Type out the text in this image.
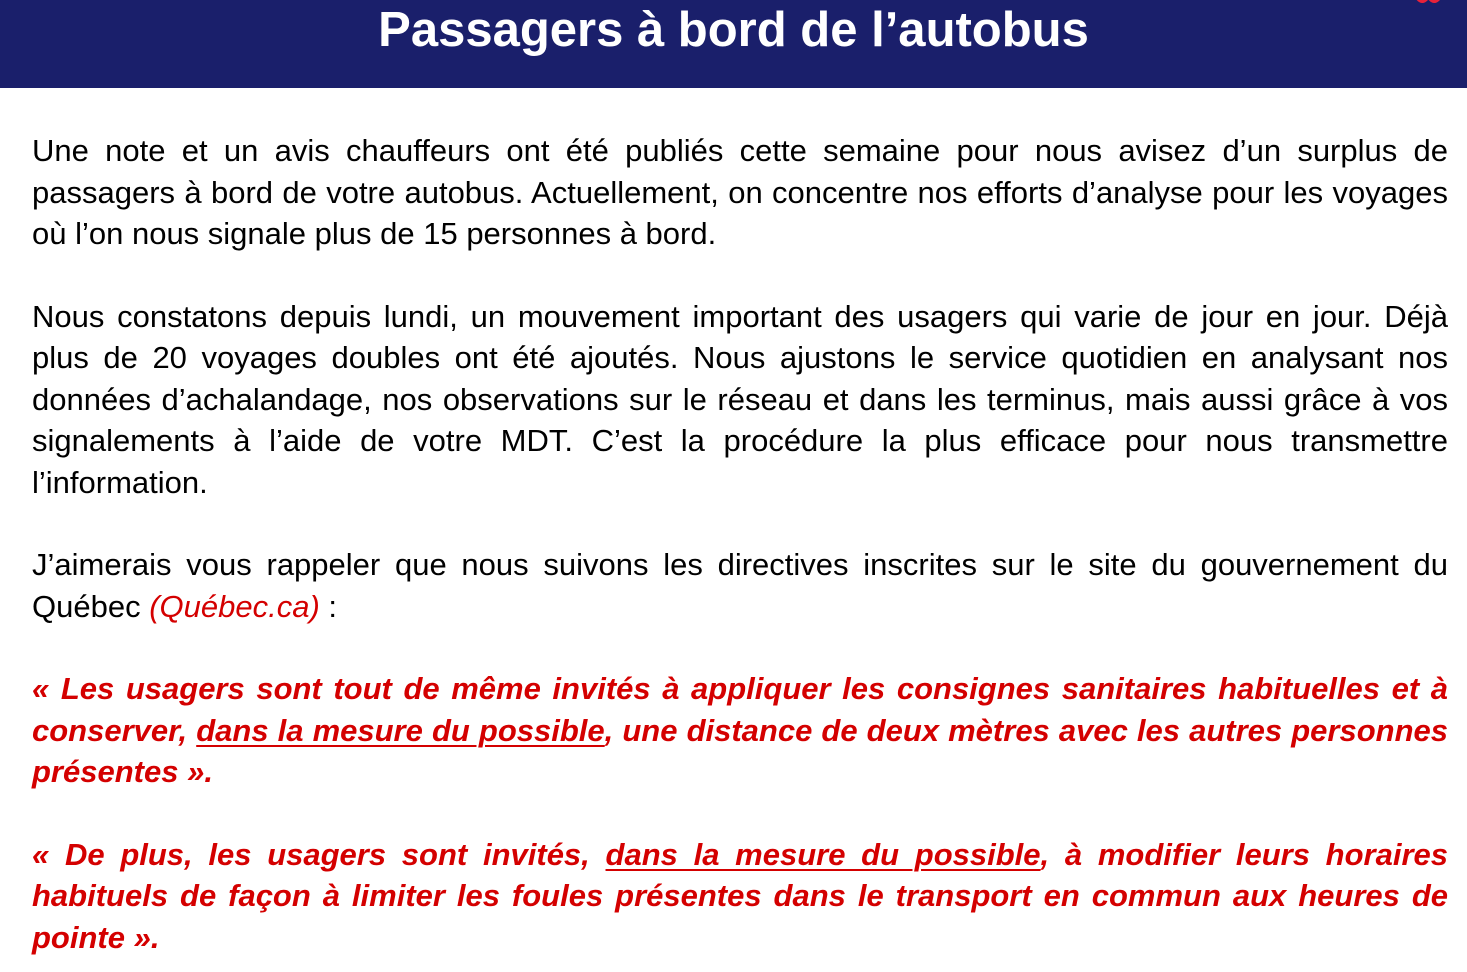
Passagers à bord de l’autobus

Une note et un avis chauffeurs ont été publiés cette semaine pour nous avisez d’un surplus de passagers à bord de votre autobus. Actuellement, on concentre nos efforts d’analyse pour les voyages où l’on nous signale plus de 15 personnes à bord.

Nous constatons depuis lundi, un mouvement important des usagers qui varie de jour en jour. Déjà plus de 20 voyages doubles ont été ajoutés. Nous ajustons le service quotidien en analysant nos données d’achalandage, nos observations sur le réseau et dans les terminus, mais aussi grâce à vos signalements à l’aide de votre MDT. C’est la procédure la plus efficace pour nous transmettre l’information.

J’aimerais vous rappeler que nous suivons les directives inscrites sur le site du gouvernement du Québec (Québec.ca) :

« Les usagers sont tout de même invités à appliquer les consignes sanitaires habituelles et à conserver, dans la mesure du possible, une distance de deux mètres avec les autres personnes présentes ».

« De plus, les usagers sont invités, dans la mesure du possible, à modifier leurs horaires habituels de façon à limiter les foules présentes dans le transport en commun aux heures de pointe ».
